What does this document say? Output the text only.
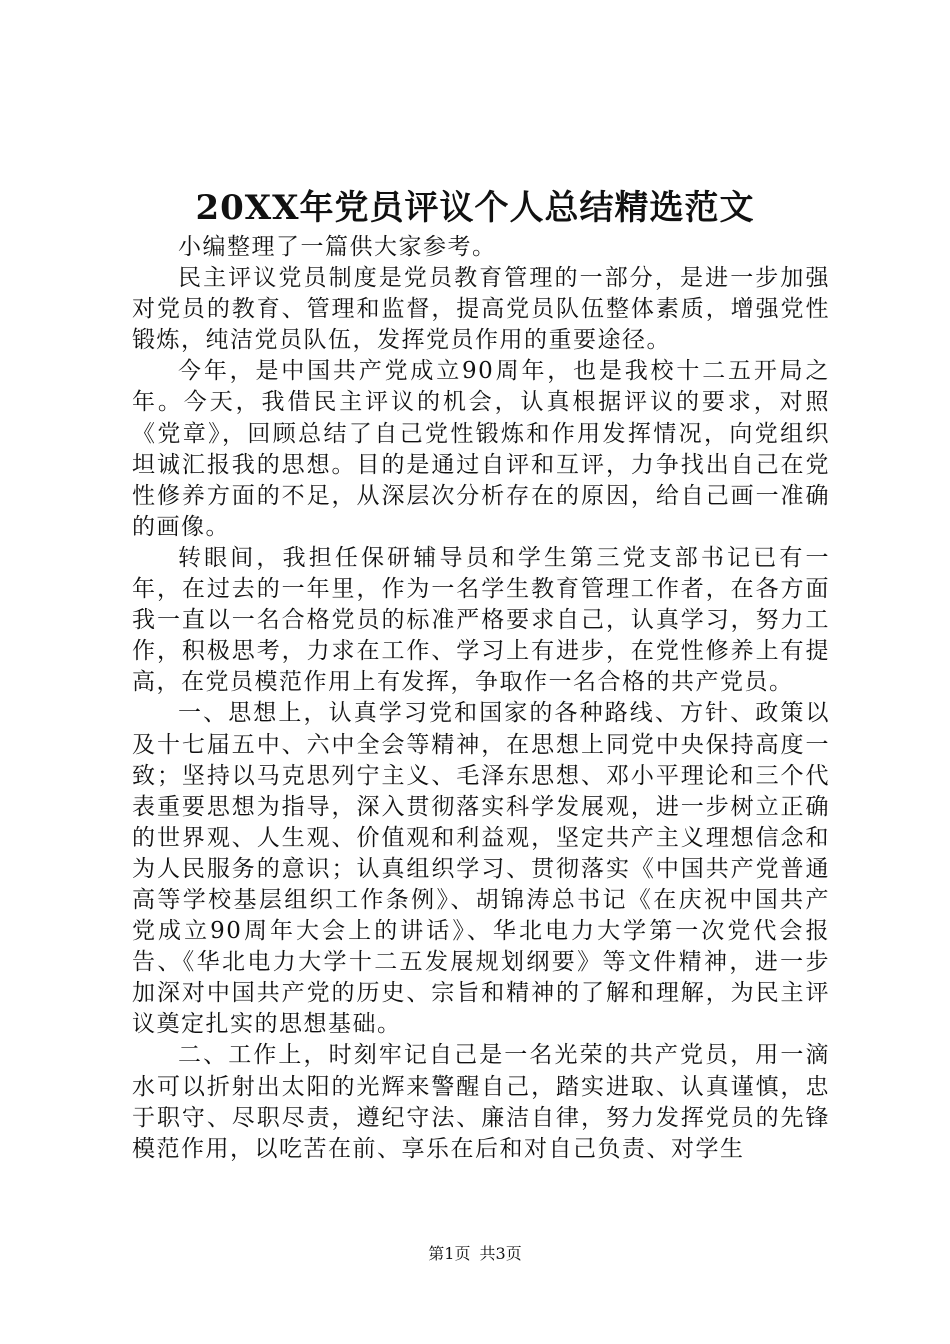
20XX年党员评议个人总结精选范文

小编整理了一篇供大家参考。

民主评议党员制度是党员教育管理的一部分，是进一步加强对党员的教育、管理和监督，提高党员队伍整体素质，增强党性锻炼，纯洁党员队伍，发挥党员作用的重要途径。

今年，是中国共产党成立90周年，也是我校十二五开局之年。今天，我借民主评议的机会，认真根据评议的要求，对照《党章》，回顾总结了自己党性锻炼和作用发挥情况，向党组织坦诚汇报我的思想。目的是通过自评和互评，力争找出自己在党性修养方面的不足，从深层次分析存在的原因，给自己画一准确的画像。

转眼间，我担任保研辅导员和学生第三党支部书记已有一年，在过去的一年里，作为一名学生教育管理工作者，在各方面我一直以一名合格党员的标准严格要求自己，认真学习，努力工作，积极思考，力求在工作、学习上有进步，在党性修养上有提高，在党员模范作用上有发挥，争取作一名合格的共产党员。

一、思想上，认真学习党和国家的各种路线、方针、政策以及十七届五中、六中全会等精神，在思想上同党中央保持高度一致；坚持以马克思列宁主义、毛泽东思想、邓小平理论和三个代表重要思想为指导，深入贯彻落实科学发展观，进一步树立正确的世界观、人生观、价值观和利益观，坚定共产主义理想信念和为人民服务的意识；认真组织学习、贯彻落实《中国共产党普通高等学校基层组织工作条例》、胡锦涛总书记《在庆祝中国共产党成立90周年大会上的讲话》、华北电力大学第一次党代会报告、《华北电力大学十二五发展规划纲要》等文件精神，进一步加深对中国共产党的历史、宗旨和精神的了解和理解，为民主评议奠定扎实的思想基础。

二、工作上，时刻牢记自己是一名光荣的共产党员，用一滴水可以折射出太阳的光辉来警醒自己，踏实进取、认真谨慎，忠于职守、尽职尽责，遵纪守法、廉洁自律，努力发挥党员的先锋模范作用，以吃苦在前、享乐在后和对自己负责、对学生

第1页 共3页
